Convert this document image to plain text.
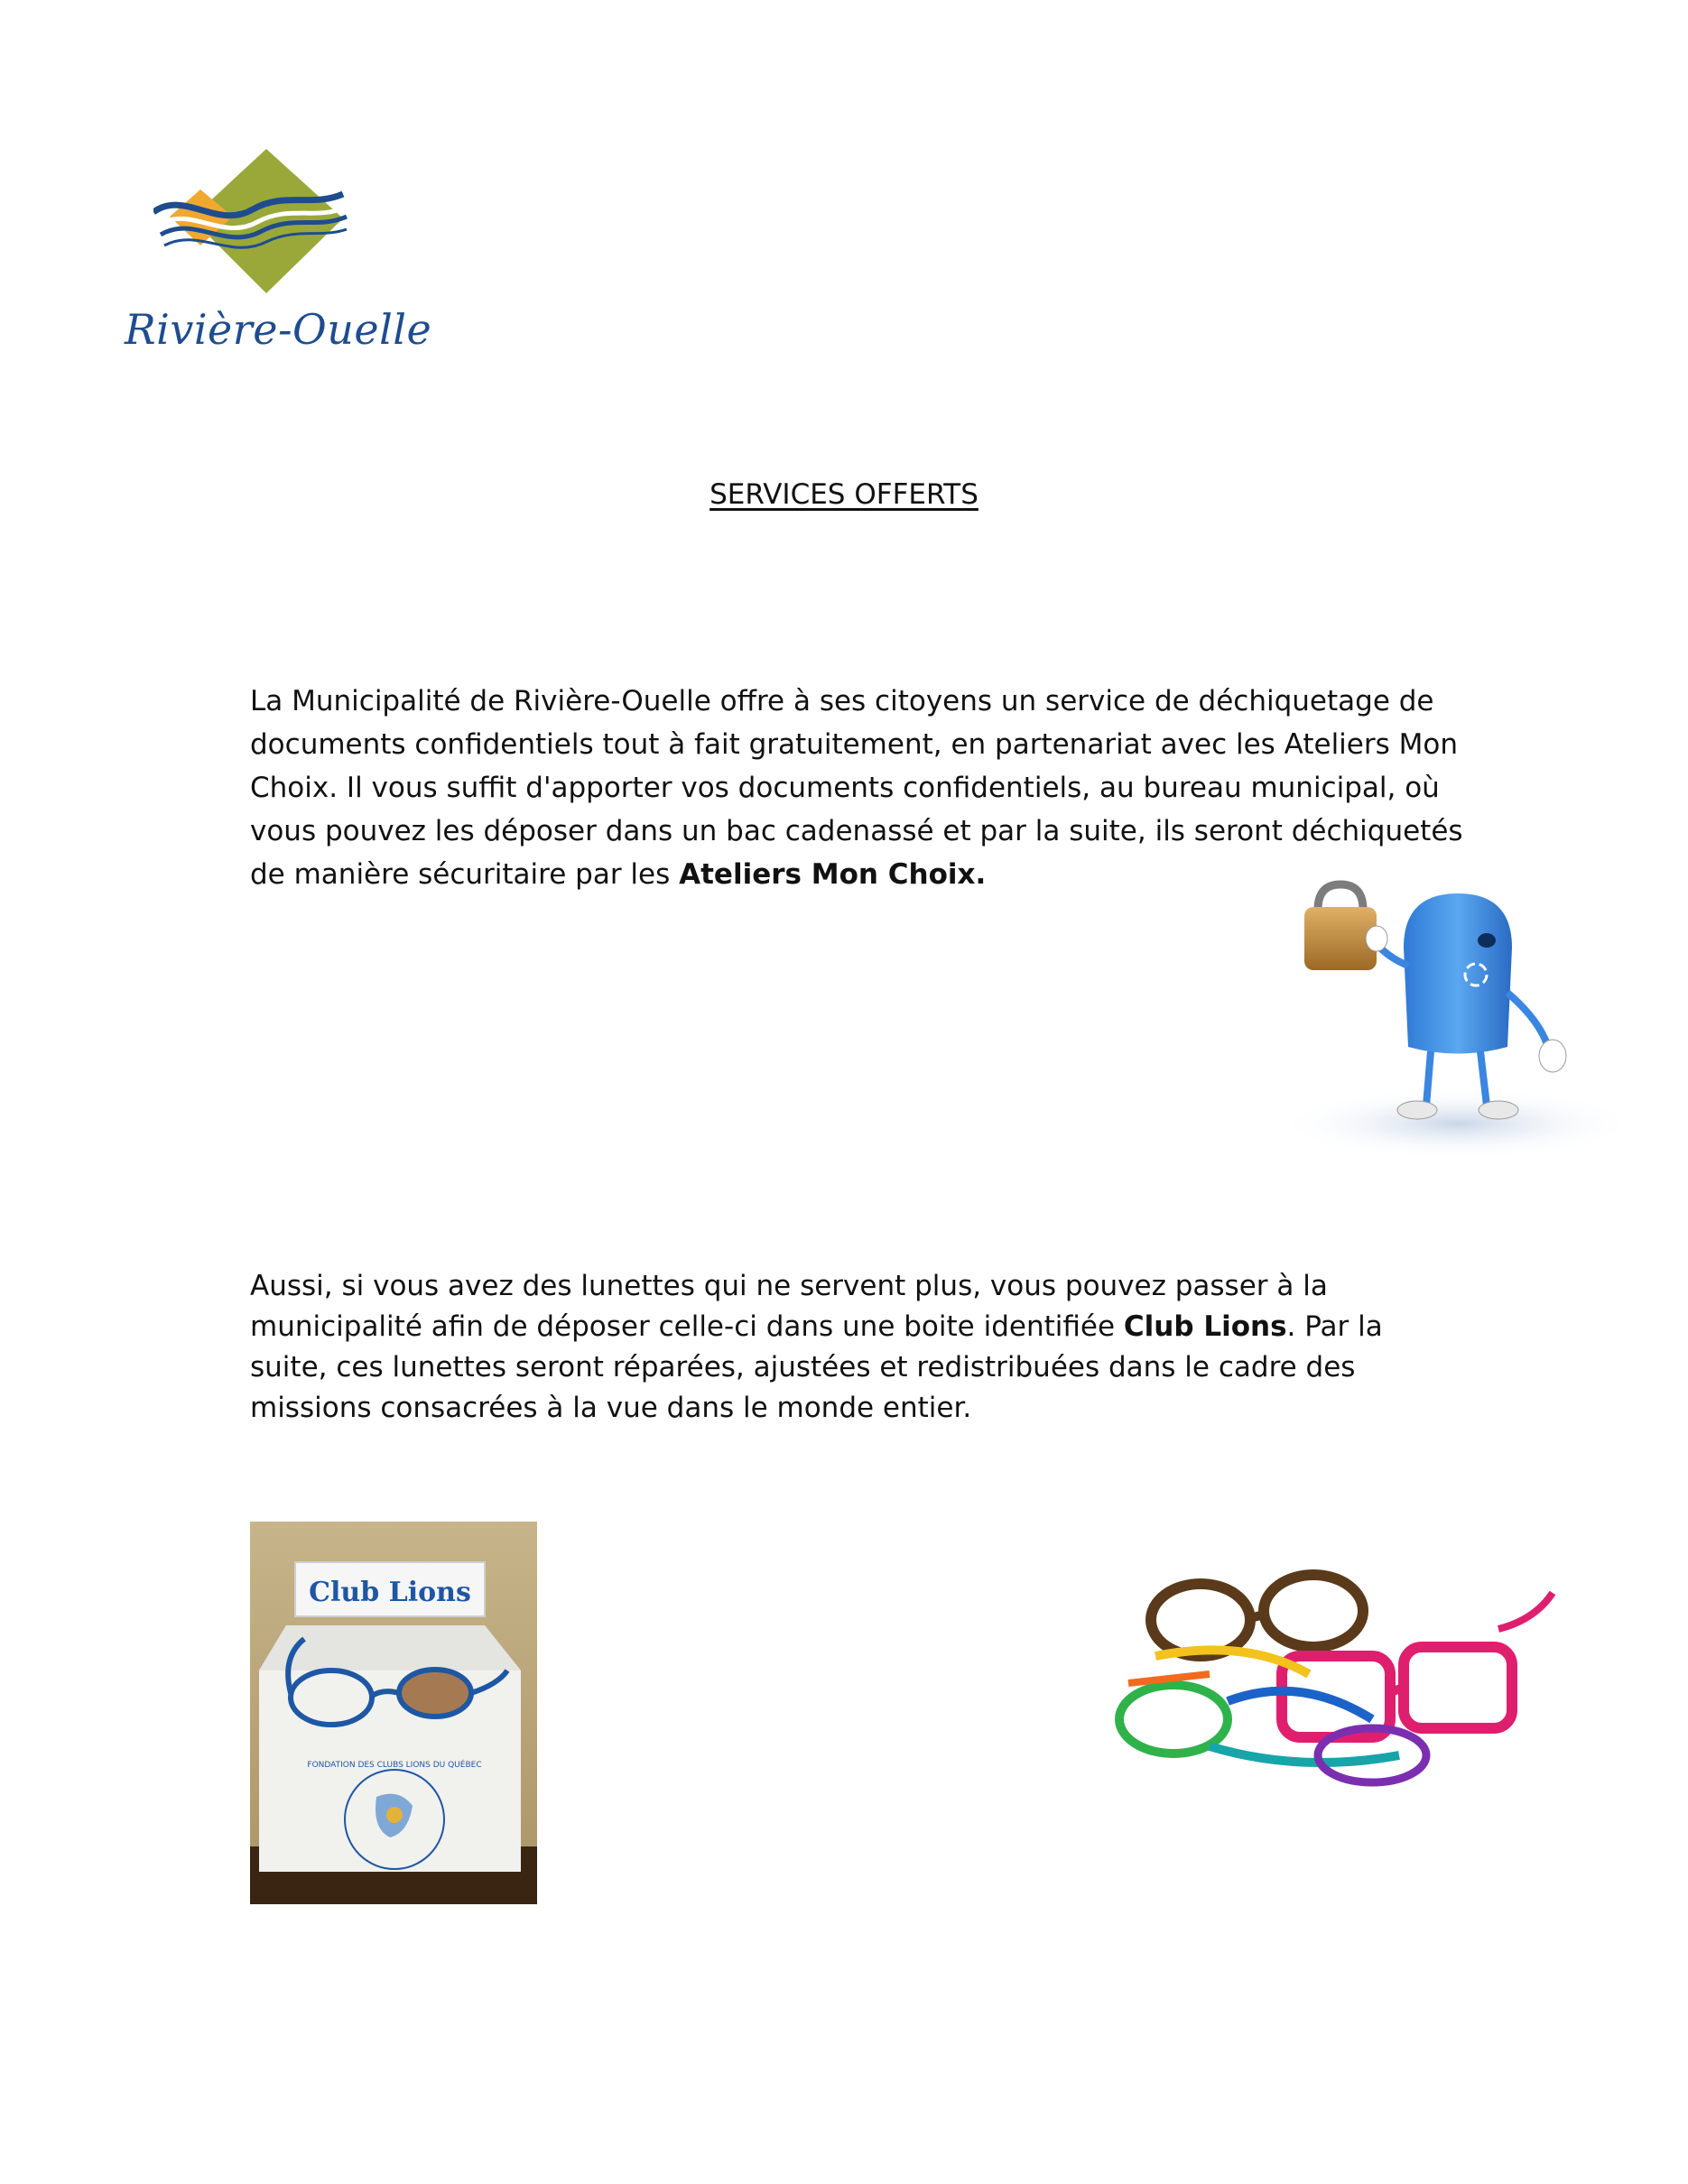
Rivière-Ouelle
SERVICES OFFERTS
La Municipalité de Rivière-Ouelle offre à ses citoyens un service de déchiquetage de documents confidentiels tout à fait gratuitement, en partenariat avec les Ateliers Mon Choix. Il vous suffit d'apporter vos documents confidentiels, au bureau municipal, où vous pouvez les déposer dans un bac cadenassé et par la suite, ils seront déchiquetés de manière sécuritaire par les Ateliers Mon Choix.
Aussi, si vous avez des lunettes qui ne servent plus, vous pouvez passer à la municipalité afin de déposer celle-ci dans une boite identifiée Club Lions. Par la suite, ces lunettes seront réparées, ajustées et redistribuées dans le cadre des missions consacrées à la vue dans le monde entier.
Club Lions
FONDATION DES CLUBS LIONS DU QUÉBEC
